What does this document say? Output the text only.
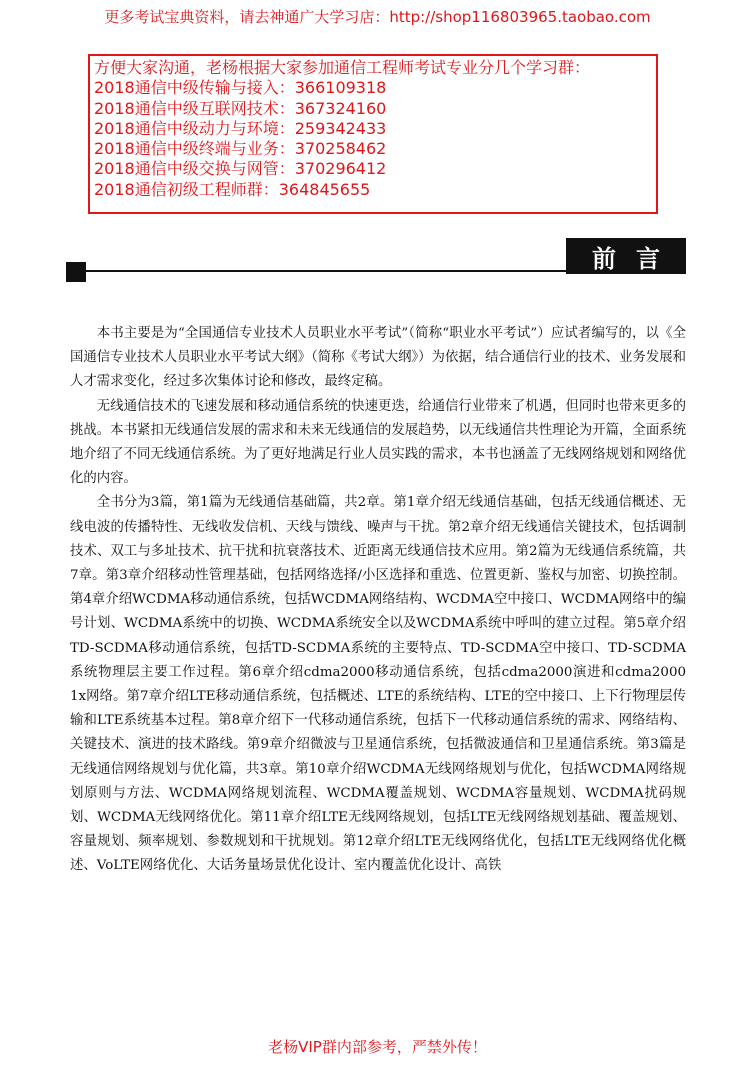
更多考试宝典资料，请去神通广大学习店：http://shop116803965.taobao.com
方便大家沟通，老杨根据大家参加通信工程师考试专业分几个学习群：
2018通信中级传输与接入：366109318
2018通信中级互联网技术：367324160
2018通信中级动力与环境：259342433
2018通信中级终端与业务：370258462
2018通信中级交换与网管：370296412
2018通信初级工程师群：364845655
前言

本书主要是为“全国通信专业技术人员职业水平考试”（简称“职业水平考试”）应试者编写的，以《全国通信专业技术人员职业水平考试大纲》（简称《考试大纲》）为依据，结合通信行业的技术、业务发展和人才需求变化，经过多次集体讨论和修改，最终定稿。

无线通信技术的飞速发展和移动通信系统的快速更迭，给通信行业带来了机遇，但同时也带来更多的挑战。本书紧扣无线通信发展的需求和未来无线通信的发展趋势，以无线通信共性理论为开篇，全面系统地介绍了不同无线通信系统。为了更好地满足行业人员实践的需求，本书也涵盖了无线网络规划和网络优化的内容。

全书分为3篇，第1篇为无线通信基础篇，共2章。第1章介绍无线通信基础，包括无线通信概述、无线电波的传播特性、无线收发信机、天线与馈线、噪声与干扰。第2章介绍无线通信关键技术，包括调制技术、双工与多址技术、抗干扰和抗衰落技术、近距离无线通信技术应用。第2篇为无线通信系统篇，共7章。第3章介绍移动性管理基础，包括网络选择/小区选择和重选、位置更新、鉴权与加密、切换控制。第4章介绍WCDMA移动通信系统，包括WCDMA网络结构、WCDMA空中接口、WCDMA网络中的编号计划、WCDMA系统中的切换、WCDMA系统安全以及WCDMA系统中呼叫的建立过程。第5章介绍TD-SCDMA移动通信系统，包括TD-SCDMA系统的主要特点、TD-SCDMA空中接口、TD-SCDMA系统物理层主要工作过程。第6章介绍cdma2000移动通信系统，包括cdma2000演进和cdma2000 1x网络。第7章介绍LTE移动通信系统，包括概述、LTE的系统结构、LTE的空中接口、上下行物理层传输和LTE系统基本过程。第8章介绍下一代移动通信系统，包括下一代移动通信系统的需求、网络结构、关键技术、演进的技术路线。第9章介绍微波与卫星通信系统，包括微波通信和卫星通信系统。第3篇是无线通信网络规划与优化篇，共3章。第10章介绍WCDMA无线网络规划与优化，包括WCDMA网络规划原则与方法、WCDMA网络规划流程、WCDMA覆盖规划、WCDMA容量规划、WCDMA扰码规划、WCDMA无线网络优化。第11章介绍LTE无线网络规划，包括LTE无线网络规划基础、覆盖规划、容量规划、频率规划、参数规划和干扰规划。第12章介绍LTE无线网络优化，包括LTE无线网络优化概述、VoLTE网络优化、大话务量场景优化设计、室内覆盖优化设计、高铁

老杨VIP群内部参考，严禁外传！
